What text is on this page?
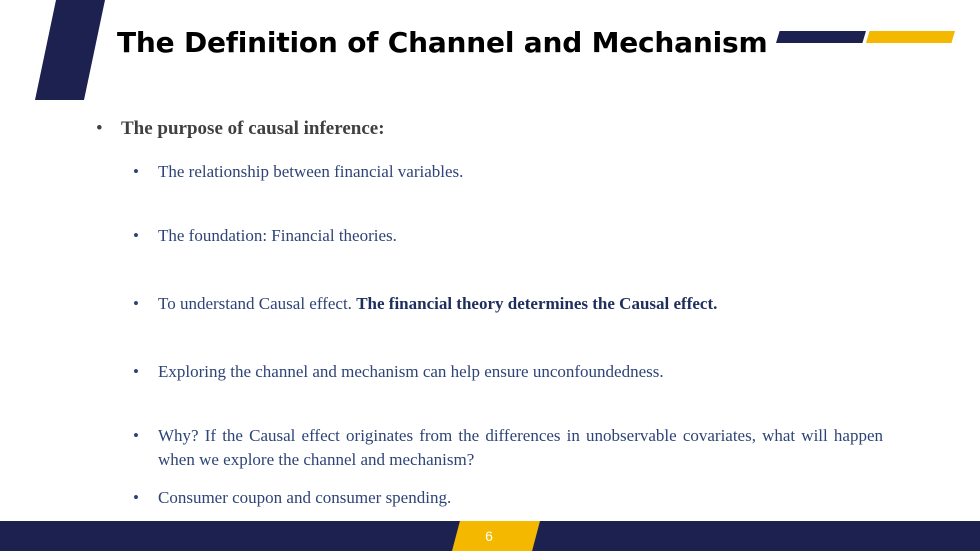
The Definition of Channel and Mechanism
• The purpose of causal inference:
•	The relationship between financial variables.
•	The foundation: Financial theories.
•	To understand Causal effect. The financial theory determines the Causal effect.
•	Exploring the channel and mechanism can help ensure unconfoundedness.
•	Why? If the Causal effect originates from the differences in unobservable covariates, what will happen when we explore the channel and mechanism?
•	Consumer coupon and consumer spending.
6
